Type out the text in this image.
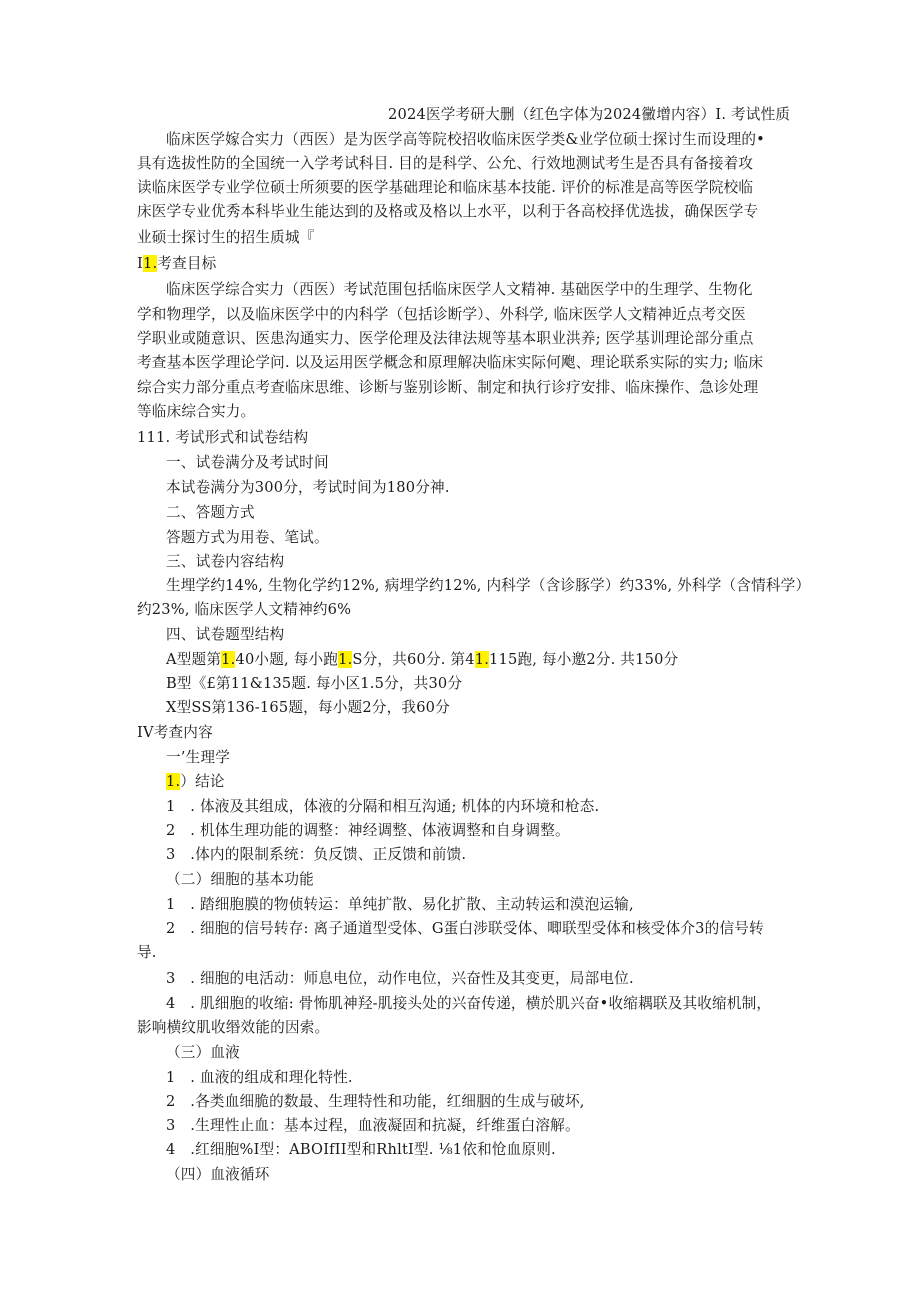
2024医学考研大删（红色字体为2024黴增内容）I. 考试性质
临床医学嫁合实力（西医）是为医学高等院校招收临床医学类&业学位硕士探讨生而设理的•
具有选拔性防的全国统一入学考试科目. 目的是科学、公允、行效地测试考生是否具有备接着攻
读临床医学专业学位硕士所须要的医学基础理论和临床基本技能. 评价的标准是高等医学院校临
床医学专业优秀本科毕业生能达到的及格或及格以上水平，以利于各高校择优选拔，确保医学专
业硕士探讨生的招生质城『
I1.考查目标
临床医学综合实力（西医）考试范围包括临床医学人文精神. 基础医学中的生理学、生物化
学和物理学，以及临床医学中的内科学（包括诊断学）、外科学, 临床医学人文精神近点考交医
学职业或随意识、医患沟通实力、医学伦理及法律法规等基本职业洪养; 医学基训理论部分重点
考查基本医学理论学问. 以及运用医学概念和原理解决临床实际何飑、理论联系实际的实力; 临床
综合实力部分重点考查临床思维、诊断与鉴别诊断、制定和执行诊疗安排、临床操作、急诊处理
等临床综合实力。
111. 考试形式和试卷结构
一、试卷满分及考试时间
本试卷满分为300分，考试时间为180分神.
二、答题方式
答题方式为用卷、笔试。
三、试卷内容结构
生埋学约14%, 生物化学约12%, 病埋学约12%, 内科学（含诊豚学）约33%, 外科学（含情科学）
约23%, 临床医学人文精神约6%
四、试卷题型结构
A型题第1.40小题, 每小跑1.S分，共60分. 第41.115跑, 每小邀2分. 共150分
B型《£第11&135题. 每小区1.5分，共30分
X型SS第136-165题，每小题2分，我60分
IV考查内容
一’生理学
1.）结论
1　. 体液及其组成，体液的分隔和相互沟通; 机体的内环境和枪态.
2　. 机体生理功能的调整：神经调整、体液调整和自身调整。
3　.体内的限制系统：负反馈、正反馈和前馈.
（二）细胞的基本功能
1　. 踏细胞膜的物侦转运：单纯扩散、易化扩散、主动转运和漠泡运输,
2　. 细胞的信号转存: 离子通道型受体、G蛋白涉联受体、唧联型受体和核受体介3的信号转
导.
3　. 细胞的电活动：师息电位，动作电位，兴奋性及其变更，局部电位.
4　. 肌细胞的收缩: 骨怖肌神羟-肌接头处的兴奋传递，横於肌兴奋•收缩耦联及其收缩机制，
影响横纹肌收缗效能的因索。
（三）血液
1　. 血液的组成和理化特性.
2　.各类血细脆的数最、生理特性和功能，红细胭的生成与破坏,
3　.生理性止血：基本过程，血液凝固和抗凝，纤维蛋白溶解。
4　.红细胞%I型：ABOIfII型和RhltI型. ⅛1依和怆血原则.
（四）血液循环
